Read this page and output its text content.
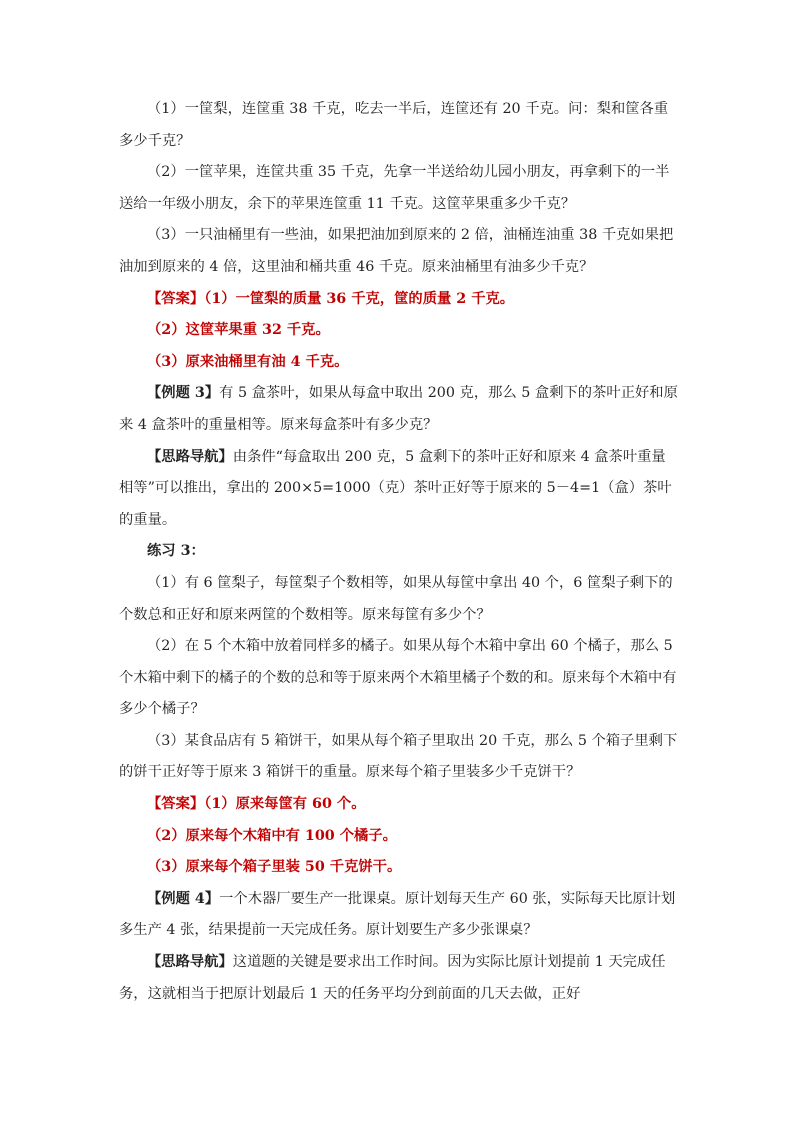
（1）一筐梨，连筐重 38 千克，吃去一半后，连筐还有 20 千克。问：梨和筐各重多少千克？

（2）一筐苹果，连筐共重 35 千克，先拿一半送给幼儿园小朋友，再拿剩下的一半送给一年级小朋友，余下的苹果连筐重 11 千克。这筐苹果重多少千克？

（3）一只油桶里有一些油，如果把油加到原来的 2 倍，油桶连油重 38 千克如果把油加到原来的 4 倍，这里油和桶共重 46 千克。原来油桶里有油多少千克？

【答案】（1）一筐梨的质量 36 千克，筐的质量 2 千克。

（2）这筐苹果重 32 千克。

（3）原来油桶里有油 4 千克。

【例题 3】有 5 盒茶叶，如果从每盒中取出 200 克，那么 5 盒剩下的茶叶正好和原来 4 盒茶叶的重量相等。原来每盒茶叶有多少克？

【思路导航】由条件“每盒取出 200 克，5 盒剩下的茶叶正好和原来 4 盒茶叶重量相等”可以推出，拿出的 200×5=1000（克）茶叶正好等于原来的 5－4=1（盒）茶叶的重量。

练习 3：

（1）有 6 筐梨子，每筐梨子个数相等，如果从每筐中拿出 40 个，6 筐梨子剩下的个数总和正好和原来两筐的个数相等。原来每筐有多少个？

（2）在 5 个木箱中放着同样多的橘子。如果从每个木箱中拿出 60 个橘子，那么 5 个木箱中剩下的橘子的个数的总和等于原来两个木箱里橘子个数的和。原来每个木箱中有多少个橘子？

（3）某食品店有 5 箱饼干，如果从每个箱子里取出 20 千克，那么 5 个箱子里剩下的饼干正好等于原来 3 箱饼干的重量。原来每个箱子里装多少千克饼干？

【答案】（1）原来每筐有 60 个。

（2）原来每个木箱中有 100 个橘子。

（3）原来每个箱子里装 50 千克饼干。

【例题 4】一个木器厂要生产一批课桌。原计划每天生产 60 张，实际每天比原计划多生产 4 张，结果提前一天完成任务。原计划要生产多少张课桌？

【思路导航】这道题的关键是要求出工作时间。因为实际比原计划提前 1 天完成任务，这就相当于把原计划最后 1 天的任务平均分到前面的几天去做，正好
